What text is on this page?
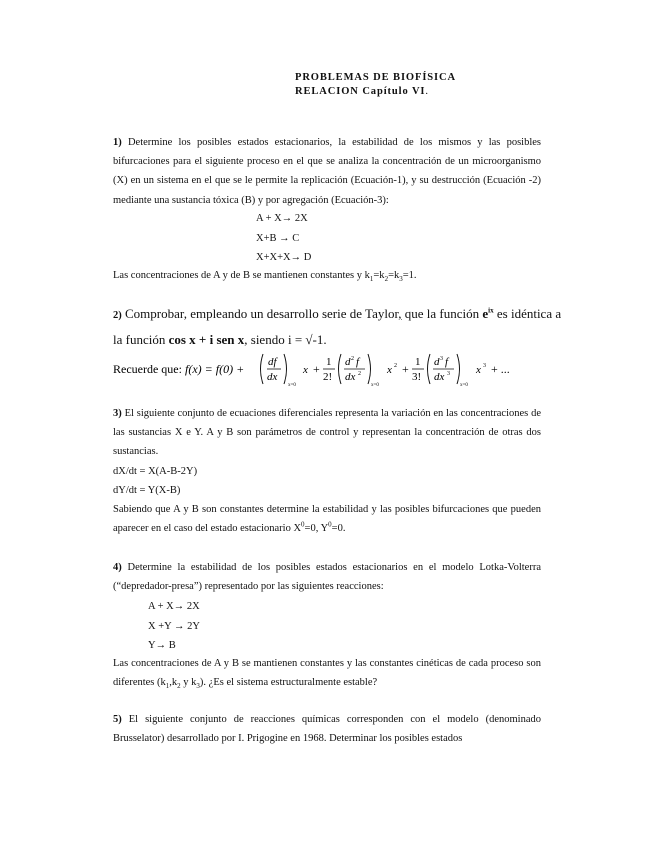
PROBLEMAS DE BIOFÍSICA
RELACION Capítulo VI.

1) Determine los posibles estados estacionarios, la estabilidad de los mismos y las posibles bifurcaciones para el siguiente proceso en el que se analiza la concentración de un microorganismo (X) en un sistema en el que se le permite la replicación (Ecuación-1), y su destrucción (Ecuación -2) mediante una sustancia tóxica (B) y por agregación (Ecuación-3):

A + X→ 2X
X+B → C
X+X+X→ D
Las concentraciones de A y de B se mantienen constantes y $k_1=k_2=k_3=1$.
2) Comprobar, empleando un desarrollo serie de Taylor, que la función $e^{ix}$ es idéntica a
la función cos x + i sen x, siendo i = √-1.
Recuerde que: f(x) = f(0) + df
dx
x=0
x + 1
2!
d 2 f
dx 2
x=0
x 2 + 1
3!
d 3 f
dx 3
x=0
x 3 + ...

3) El siguiente conjunto de ecuaciones diferenciales representa la variación en las concentraciones de las sustancias X e Y. A y B son parámetros de control y representan la concentración de otras dos sustancias.

dX/dt = X(A-B-2Y)
dY/dt = Y(X-B)

Sabiendo que A y B son constantes determine la estabilidad y las posibles bifurcaciones que pueden aparecer en el caso del estado estacionario $X^0=0$, $Y^0=0$.

4) Determine la estabilidad de los posibles estados estacionarios en el modelo Lotka-Volterra (“depredador-presa”) representado por las siguientes reacciones:

A + X→ 2X
X +Y → 2Y
Y→ B

Las concentraciones de A y B se mantienen constantes y las constantes cinéticas de cada proceso son diferentes ($k_1,k_2$ y $k_3$). ¿Es el sistema estructuralmente estable?

5) El siguiente conjunto de reacciones químicas corresponden con el modelo (denominado Brusselator) desarrollado por I. Prigogine en 1968. Determinar los posibles estados
